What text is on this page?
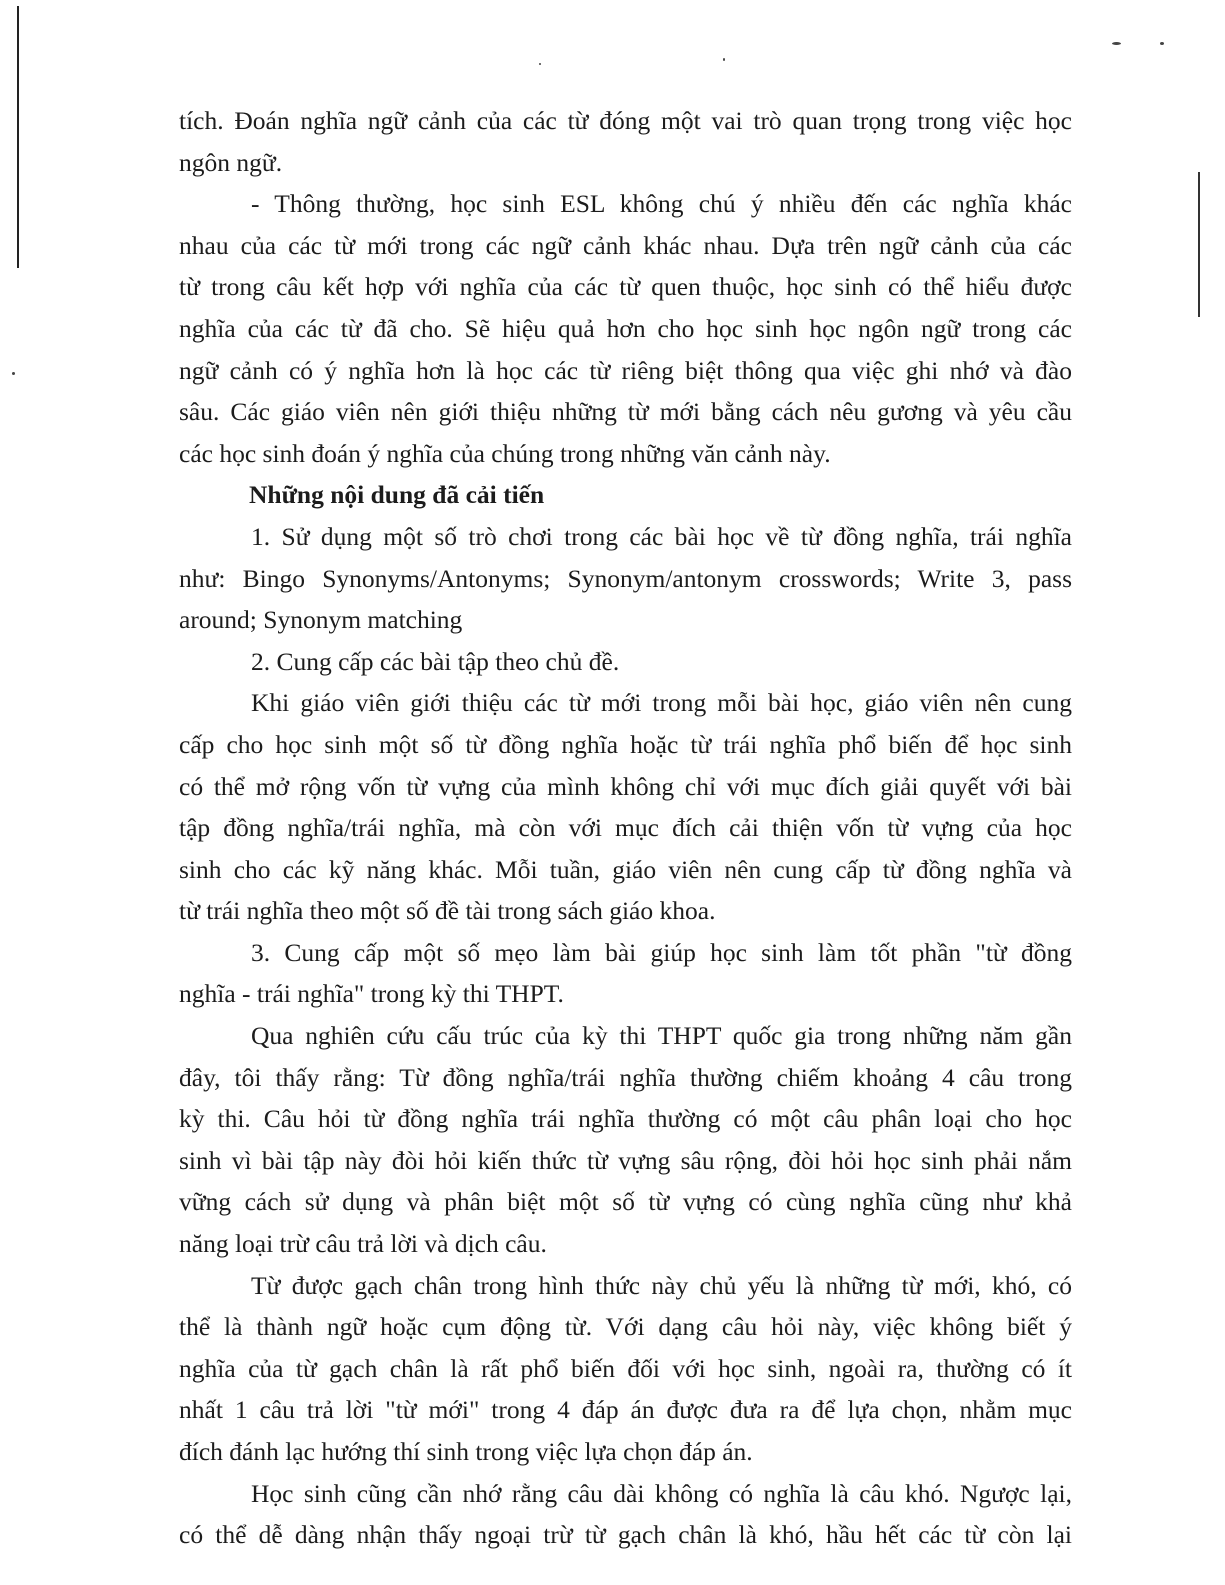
tích. Đoán nghĩa ngữ cảnh của các từ đóng một vai trò quan trọng trong việc học
ngôn ngữ.
- Thông thường, học sinh ESL không chú ý nhiều đến các nghĩa khác
nhau của các từ mới trong các ngữ cảnh khác nhau. Dựa trên ngữ cảnh của các
từ trong câu kết hợp với nghĩa của các từ quen thuộc, học sinh có thể hiểu được
nghĩa của các từ đã cho. Sẽ hiệu quả hơn cho học sinh học ngôn ngữ trong các
ngữ cảnh có ý nghĩa hơn là học các từ riêng biệt thông qua việc ghi nhớ và đào
sâu. Các giáo viên nên giới thiệu những từ mới bằng cách nêu gương và yêu cầu
các học sinh đoán ý nghĩa của chúng trong những văn cảnh này.
Những nội dung đã cải tiến
1. Sử dụng một số trò chơi trong các bài học về từ đồng nghĩa, trái nghĩa
như: Bingo Synonyms/Antonyms; Synonym/antonym crosswords; Write 3, pass
around; Synonym matching
2. Cung cấp các bài tập theo chủ đề.
Khi giáo viên giới thiệu các từ mới trong mỗi bài học, giáo viên nên cung
cấp cho học sinh một số từ đồng nghĩa hoặc từ trái nghĩa phổ biến để học sinh
có thể mở rộng vốn từ vựng của mình không chỉ với mục đích giải quyết với bài
tập đồng nghĩa/trái nghĩa, mà còn với mục đích cải thiện vốn từ vựng của học
sinh cho các kỹ năng khác. Mỗi tuần, giáo viên nên cung cấp từ đồng nghĩa và
từ trái nghĩa theo một số đề tài trong sách giáo khoa.
3. Cung cấp một số mẹo làm bài giúp học sinh làm tốt phần "từ đồng
nghĩa - trái nghĩa" trong kỳ thi THPT.
Qua nghiên cứu cấu trúc của kỳ thi THPT quốc gia trong những năm gần
đây, tôi thấy rằng: Từ đồng nghĩa/trái nghĩa thường chiếm khoảng 4 câu trong
kỳ thi. Câu hỏi từ đồng nghĩa trái nghĩa thường có một câu phân loại cho học
sinh vì bài tập này đòi hỏi kiến thức từ vựng sâu rộng, đòi hỏi học sinh phải nắm
vững cách sử dụng và phân biệt một số từ vựng có cùng nghĩa cũng như khả
năng loại trừ câu trả lời và dịch câu.
Từ được gạch chân trong hình thức này chủ yếu là những từ mới, khó, có
thể là thành ngữ hoặc cụm động từ. Với dạng câu hỏi này, việc không biết ý
nghĩa của từ gạch chân là rất phổ biến đối với học sinh, ngoài ra, thường có ít
nhất 1 câu trả lời "từ mới" trong 4 đáp án được đưa ra để lựa chọn, nhằm mục
đích đánh lạc hướng thí sinh trong việc lựa chọn đáp án.
Học sinh cũng cần nhớ rằng câu dài không có nghĩa là câu khó. Ngược lại,
có thể dễ dàng nhận thấy ngoại trừ từ gạch chân là khó, hầu hết các từ còn lại
